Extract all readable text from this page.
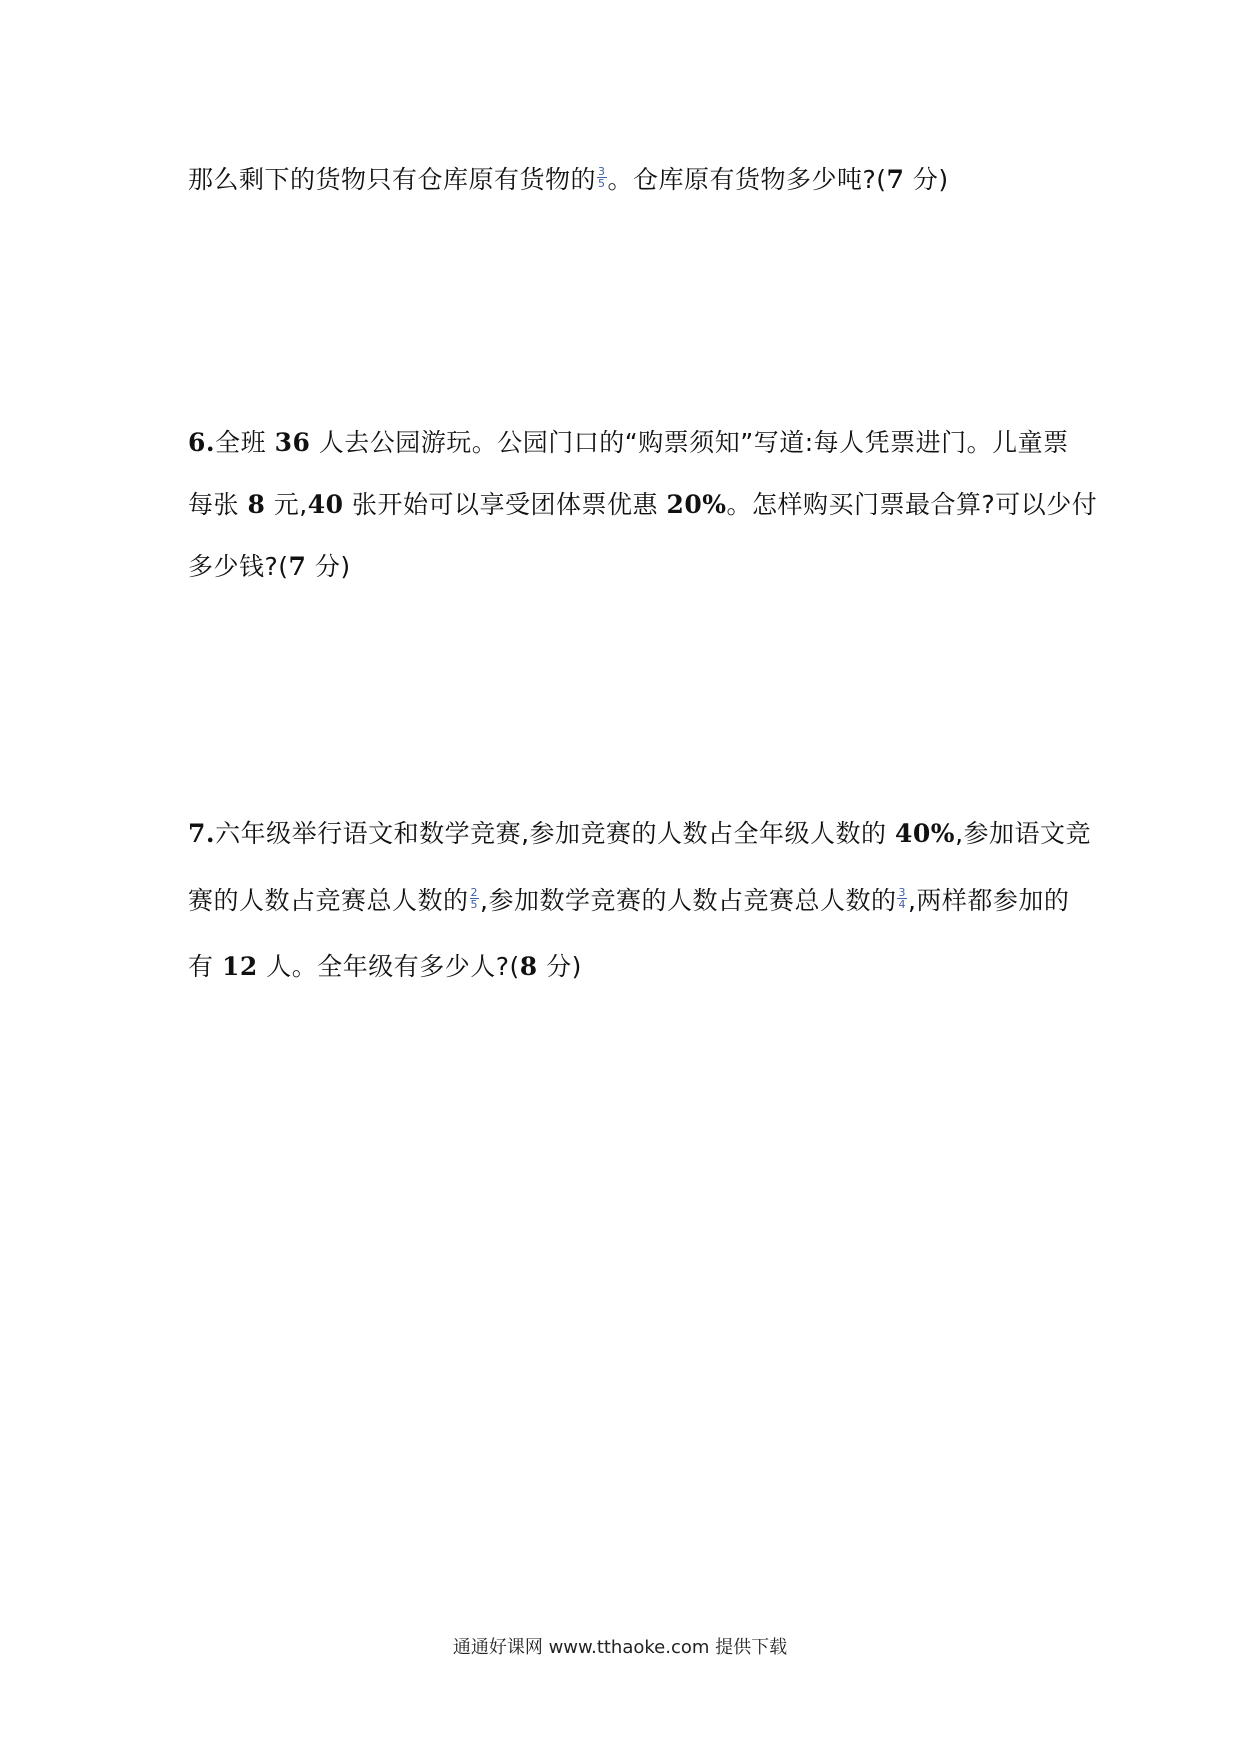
那么剩下的货物只有仓库原有货物的 $\frac{3}{5}$ 。仓库原有货物多少吨?(7 分)
6.全班 36 人去公园游玩。公园门口的“购票须知”写道:每人凭票进门。儿童票
每张 8 元,40 张开始可以享受团体票优惠 20%。怎样购买门票最合算?可以少付
多少钱?(7 分)
7.六年级举行语文和数学竞赛,参加竞赛的人数占全年级人数的 40%,参加语文竞
赛的人数占竞赛总人数的 $\frac{2}{5}$ ,参加数学竞赛的人数占竞赛总人数的 $\frac{3}{4}$ ,两样都参加的
有 12 人。全年级有多少人?(8 分)
通通好课网 www.tthaoke.com 提供下载
